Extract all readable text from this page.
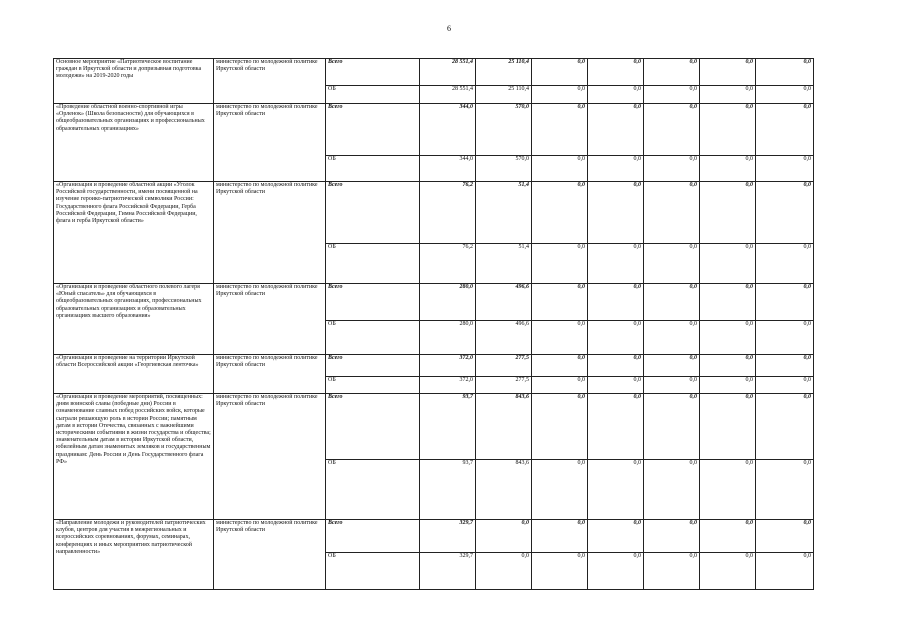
6
Основное мероприятие «Патриотическое воспитание граждан в Иркутской области и допризывная подготовка молодежи» на 2019-2020 годы	министерство по молодежной политике Иркутской области	Всего	28 551,4	25 110,4	0,0	0,0	0,0	0,0	0,0
		ОБ	28 551,4	25 110,4	0,0	0,0	0,0	0,0	0,0
«Проведение областной военно-спортивной игры «Орленок» (Школа безопасности) для обучающихся в общеобразовательных организациях и профессиональных образовательных организациях»	министерство по молодежной политике Иркутской области	Всего	344,0	570,0	0,0	0,0	0,0	0,0	0,0
		ОБ	344,0	570,0	0,0	0,0	0,0	0,0	0,0
«Организация и проведение областной акции «Уголок Российской государственности, имени посвященной на изучение героико-патриотической символики России: Государственного флага Российской Федерации, Герба Российской Федерации, Гимна Российской Федерации, флага и герба Иркутской области»	министерство по молодежной политике Иркутской области	Всего	76,2	51,4	0,0	0,0	0,0	0,0	0,0
		ОБ	76,2	51,4	0,0	0,0	0,0	0,0	0,0
«Организация и проведение областного полевого лагеря «Юный спасатель» для обучающихся в общеобразовательных организациях, профессиональных образовательных организациях и образовательных организациях высшего образования»	министерство по молодежной политике Иркутской области	Всего	280,0	496,6	0,0	0,0	0,0	0,0	0,0
		ОБ	280,0	496,6	0,0	0,0	0,0	0,0	0,0
«Организация и проведение на территории Иркутской области Всероссийской акции «Георгиевская ленточка»	министерство по молодежной политике Иркутской области	Всего	372,0	277,5	0,0	0,0	0,0	0,0	0,0
		ОБ	372,0	277,5	0,0	0,0	0,0	0,0	0,0
«Организация и проведение мероприятий, посвященных: дням воинской славы (победные дни) России в ознаменование славных побед российских войск, которые сыграли решающую роль в истории России; памятным датам в истории Отечества, связанных с важнейшими историческими событиями в жизни государства и общества; знаменательным датам в истории Иркутской области, юбилейным датам знаменитых земляков и государственным праздникам: День России и День Государственного флага РФ»	министерство по молодежной политике Иркутской области	Всего	93,7	843,6	0,0	0,0	0,0	0,0	0,0
		ОБ	93,7	843,6	0,0	0,0	0,0	0,0	0,0
«Направление молодежи и руководителей патриотических клубов, центров для участия в межрегиональных и всероссийских соревнованиях, форумах, семинарах, конференциях и иных мероприятиях патриотической направленности»	министерство по молодежной политике Иркутской области	Всего	329,7	0,0	0,0	0,0	0,0	0,0	0,0
		ОБ	329,7	0,0	0,0	0,0	0,0	0,0	0,0
